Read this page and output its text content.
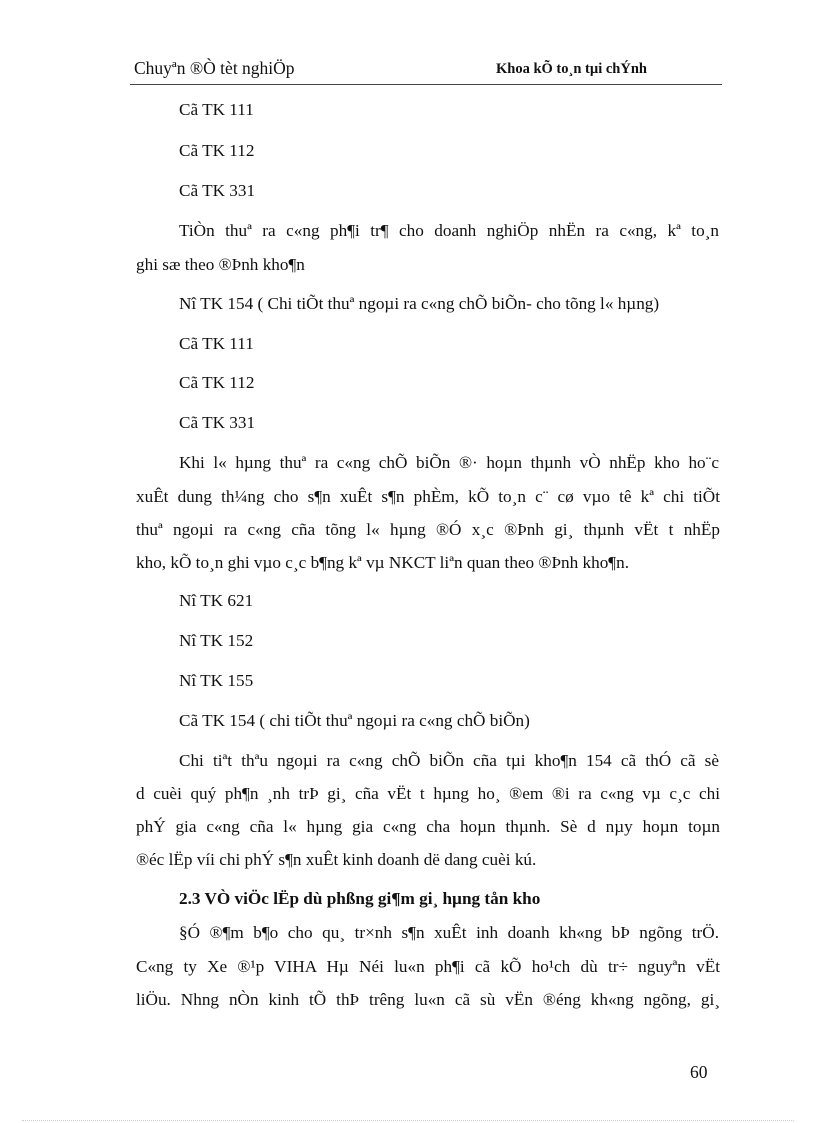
Chuyªn ®Ò tèt nghiÖp	Khoa kÕ to¸n tµi chÝnh
Cã TK 111
Cã TK 112
Cã TK 331
TiÒn thuª ra c«ng ph¶i tr¶ cho doanh nghiÖp nhËn ra c«ng, kª to¸n
ghi sæ theo ®Þnh kho¶n
Nî TK 154 ( Chi tiÕt thuª ngoµi ra c«ng chÕ biÕn- cho tõng l« hµng)
Cã TK 111
Cã TK 112
Cã TK 331
Khi l« hµng thuª ra c«ng chÕ biÕn ®· hoµn thµnh vÒ nhËp kho ho¨c
xuÊt dung th¼ng cho s¶n xuÊt s¶n phÈm, kÕ to¸n c¨ cø vµo tê kª chi tiÕt
thuª ngoµi ra c«ng cña tõng l« hµng ®Ó x¸c ®Þnh gi¸ thµnh vËt t nhËp
kho, kÕ to¸n ghi vµo c¸c b¶ng kª vµ NKCT liªn quan theo ®Þnh kho¶n.
Nî TK 621
Nî TK 152
Nî TK 155
Cã TK 154 ( chi tiÕt thuª ngoµi ra c«ng chÕ biÕn)
Chi tiªt thªu ngoµi ra c«ng chÕ biÕn cña tµi kho¶n 154 cã thÓ cã sè
d cuèi quý ph¶n ¸nh trÞ gi¸ cña vËt t hµng ho¸ ®em ®i ra c«ng vµ c¸c chi
phÝ gia c«ng cña l« hµng gia c«ng cha hoµn thµnh. Sè d nµy hoµn toµn
®éc lËp víi chi phÝ s¶n xuÊt kinh doanh dë dang cuèi kú.
2.3 VÒ viÖc lËp dù phßng gi¶m gi¸ hµng tån kho
§Ó ®¶m b¶o cho qu¸ tr×nh s¶n xuÊt inh doanh kh«ng bÞ ngõng trÖ.
C«ng ty Xe ®¹p VIHA Hµ Néi lu«n ph¶i cã kÕ ho¹ch dù tr÷ nguyªn vËt
liÖu. Nhng nÒn kinh tÕ thÞ trêng lu«n cã sù vËn ®éng kh«ng ngõng, gi¸
60
